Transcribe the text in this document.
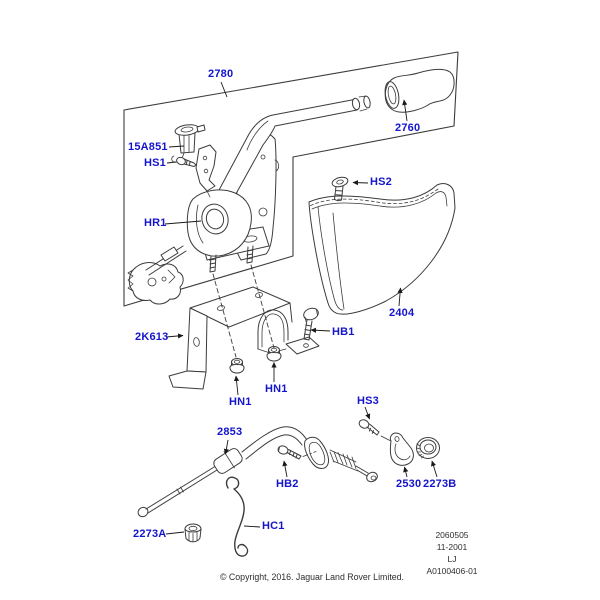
2780
2760
15A851
HS1
HR1
HS2
2404
HB1
2K613
HN1
HN1
2853
HB2
HC1
2273A
HS3
2530 2273B
2060505
11-2001
LJ
A0100406-01
© Copyright, 2016. Jaguar Land Rover Limited.
